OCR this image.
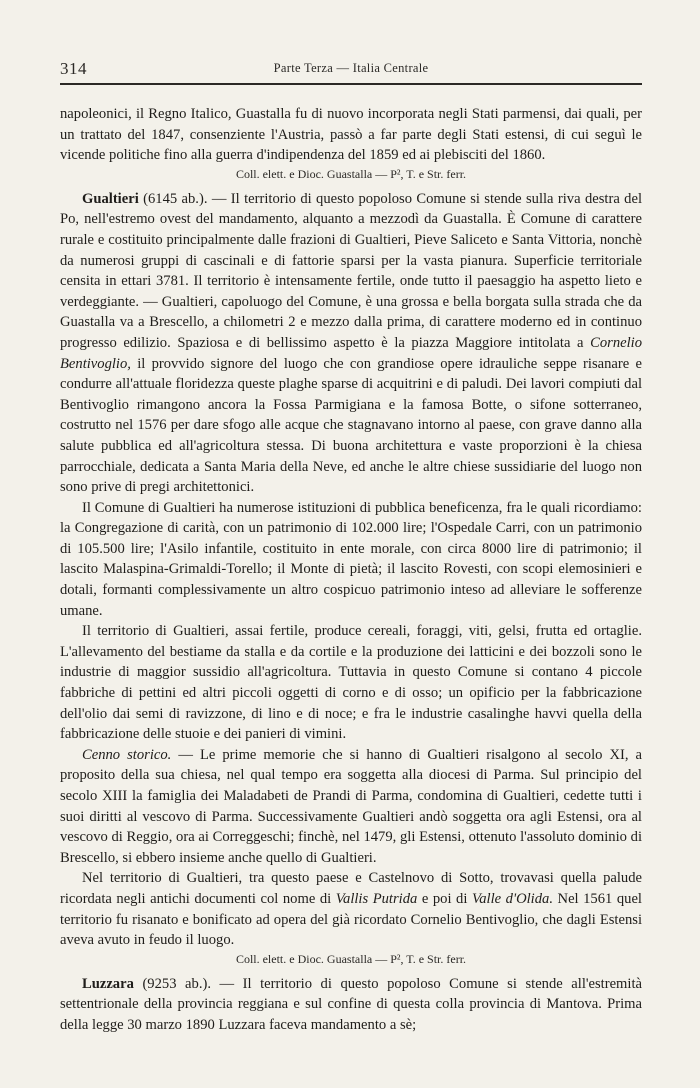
314	Parte Terza — Italia Centrale

napoleonici, il Regno Italico, Guastalla fu di nuovo incorporata negli Stati parmensi, dai quali, per un trattato del 1847, consenziente l'Austria, passò a far parte degli Stati estensi, di cui seguì le vicende politiche fino alla guerra d'indipendenza del 1859 ed ai plebisciti del 1860.

Coll. elett. e Dioc. Guastalla — P², T. e Str. ferr.

Gualtieri (6145 ab.). — Il territorio di questo popoloso Comune si stende sulla riva destra del Po, nell'estremo ovest del mandamento, alquanto a mezzodì da Guastalla. È Comune di carattere rurale e costituito principalmente dalle frazioni di Gualtieri, Pieve Saliceto e Santa Vittoria, nonchè da numerosi gruppi di cascinali e di fattorie sparsi per la vasta pianura. Superficie territoriale censita in ettari 3781. Il territorio è intensamente fertile, onde tutto il paesaggio ha aspetto lieto e verdeggiante. — Gualtieri, capoluogo del Comune, è una grossa e bella borgata sulla strada che da Guastalla va a Brescello, a chilometri 2 e mezzo dalla prima, di carattere moderno ed in continuo progresso edilizio. Spaziosa e di bellissimo aspetto è la piazza Maggiore intitolata a Cornelio Bentivoglio, il provvido signore del luogo che con grandiose opere idrauliche seppe risanare e condurre all'attuale floridezza queste plaghe sparse di acquitrini e di paludi. Dei lavori compiuti dal Bentivoglio rimangono ancora la Fossa Parmigiana e la famosa Botte, o sifone sotterraneo, costrutto nel 1576 per dare sfogo alle acque che stagnavano intorno al paese, con grave danno alla salute pubblica ed all'agricoltura stessa. Di buona architettura e vaste proporzioni è la chiesa parrocchiale, dedicata a Santa Maria della Neve, ed anche le altre chiese sussidiarie del luogo non sono prive di pregi architettonici.

Il Comune di Gualtieri ha numerose istituzioni di pubblica beneficenza, fra le quali ricordiamo: la Congregazione di carità, con un patrimonio di 102.000 lire; l'Ospedale Carri, con un patrimonio di 105.500 lire; l'Asilo infantile, costituito in ente morale, con circa 8000 lire di patrimonio; il lascito Malaspina-Grimaldi-Torello; il Monte di pietà; il lascito Rovesti, con scopi elemosinieri e dotali, formanti complessivamente un altro cospicuo patrimonio inteso ad alleviare le sofferenze umane.

Il territorio di Gualtieri, assai fertile, produce cereali, foraggi, viti, gelsi, frutta ed ortaglie. L'allevamento del bestiame da stalla e da cortile e la produzione dei latticini e dei bozzoli sono le industrie di maggior sussidio all'agricoltura. Tuttavia in questo Comune si contano 4 piccole fabbriche di pettini ed altri piccoli oggetti di corno e di osso; un opificio per la fabbricazione dell'olio dai semi di ravizzone, di lino e di noce; e fra le industrie casalinghe havvi quella della fabbricazione delle stuoie e dei panieri di vimini.

Cenno storico. — Le prime memorie che si hanno di Gualtieri risalgono al secolo XI, a proposito della sua chiesa, nel qual tempo era soggetta alla diocesi di Parma. Sul principio del secolo XIII la famiglia dei Maladabeti de Prandi di Parma, condomina di Gualtieri, cedette tutti i suoi diritti al vescovo di Parma. Successivamente Gualtieri andò soggetta ora agli Estensi, ora al vescovo di Reggio, ora ai Correggeschi; finchè, nel 1479, gli Estensi, ottenuto l'assoluto dominio di Brescello, si ebbero insieme anche quello di Gualtieri.

Nel territorio di Gualtieri, tra questo paese e Castelnovo di Sotto, trovavasi quella palude ricordata negli antichi documenti col nome di Vallis Putrida e poi di Valle d'Olida. Nel 1561 quel territorio fu risanato e bonificato ad opera del già ricordato Cornelio Bentivoglio, che dagli Estensi aveva avuto in feudo il luogo.

Coll. elett. e Dioc. Guastalla — P², T. e Str. ferr.

Luzzara (9253 ab.). — Il territorio di questo popoloso Comune si stende all'estremità settentrionale della provincia reggiana e sul confine di questa colla provincia di Mantova. Prima della legge 30 marzo 1890 Luzzara faceva mandamento a sè;
